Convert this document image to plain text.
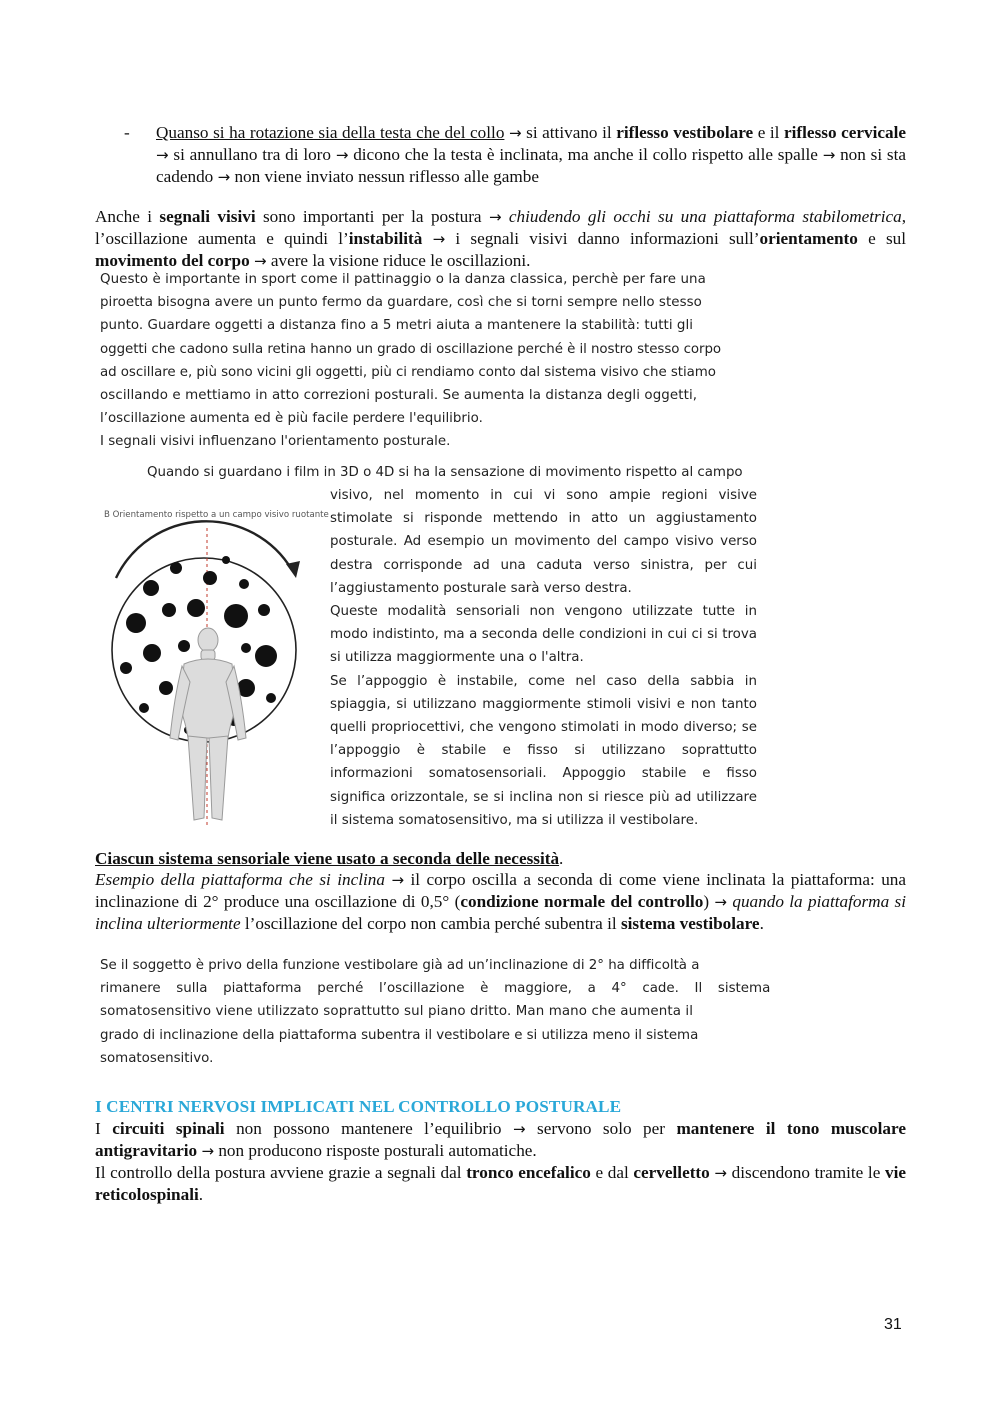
-	Quanso si ha rotazione sia della testa che del collo → si attivano il riflesso vestibolare e il riflesso cervicale → si annullano tra di loro → dicono che la testa è inclinata, ma anche il collo rispetto alle spalle → non si sta cadendo → non viene inviato nessun riflesso alle gambe
Anche i segnali visivi sono importanti per la postura → chiudendo gli occhi su una piattaforma stabilometrica, l’oscillazione aumenta e quindi l’instabilità → i segnali visivi danno informazioni sull’orientamento e sul movimento del corpo → avere la visione riduce le oscillazioni.
Questo è importante in sport come il pattinaggio o la danza classica, perchè per fare una
piroetta bisogna avere un punto fermo da guardare, così che si torni sempre nello stesso
punto. Guardare oggetti a distanza fino a 5 metri aiuta a mantenere la stabilità: tutti gli
oggetti che cadono sulla retina hanno un grado di oscillazione perché è il nostro stesso corpo
ad oscillare e, più sono vicini gli oggetti, più ci rendiamo conto dal sistema visivo che stiamo
oscillando e mettiamo in atto correzioni posturali. Se aumenta la distanza degli oggetti,
l’oscillazione aumenta ed è più facile perdere l'equilibrio.
I segnali visivi influenzano l'orientamento posturale.
Quando si guardano i film in 3D o 4D si ha la sensazione di movimento rispetto al campo

visivo, nel momento in cui vi sono ampie regioni visive stimolate si risponde mettendo in atto un aggiustamento posturale. Ad esempio un movimento del campo visivo verso destra corrisponde ad una caduta verso sinistra, per cui l’aggiustamento posturale sarà verso destra.

Queste modalità sensoriali non vengono utilizzate tutte in modo indistinto, ma a seconda delle condizioni in cui ci si trova si utilizza maggiormente una o l'altra.

Se l’appoggio è instabile, come nel caso della sabbia in spiaggia, si utilizzano maggiormente stimoli visivi e non tanto quelli propriocettivi, che vengono stimolati in modo diverso; se l’appoggio è stabile e fisso si utilizzano soprattutto informazioni somatosensoriali. Appoggio stabile e fisso significa orizzontale, se si inclina non si riesce più ad utilizzare il sistema somatosensitivo, ma si utilizza il vestibolare.

B Orientamento rispetto a un campo visivo ruotante
Ciascun sistema sensoriale viene usato a seconda delle necessità.
Esempio della piattaforma che si inclina → il corpo oscilla a seconda di come viene inclinata la piattaforma: una inclinazione di 2° produce una oscillazione di 0,5° (condizione normale del controllo) → quando la piattaforma si inclina ulteriormente l’oscillazione del corpo non cambia perché subentra il sistema vestibolare.
Se il soggetto è privo della funzione vestibolare già ad un’inclinazione di 2° ha difficoltà a
rimanere sulla piattaforma perché l’oscillazione è maggiore, a 4° cade. Il sistema
somatosensitivo viene utilizzato soprattutto sul piano dritto. Man mano che aumenta il
grado di inclinazione della piattaforma subentra il vestibolare e si utilizza meno il sistema
somatosensitivo.
I CENTRI NERVOSI IMPLICATI NEL CONTROLLO POSTURALE

I circuiti spinali non possono mantenere l’equilibrio → servono solo per mantenere il tono muscolare antigravitario → non producono risposte posturali automatiche.

Il controllo della postura avviene grazie a segnali dal tronco encefalico e dal cervelletto → discendono tramite le vie reticolospinali.

31
